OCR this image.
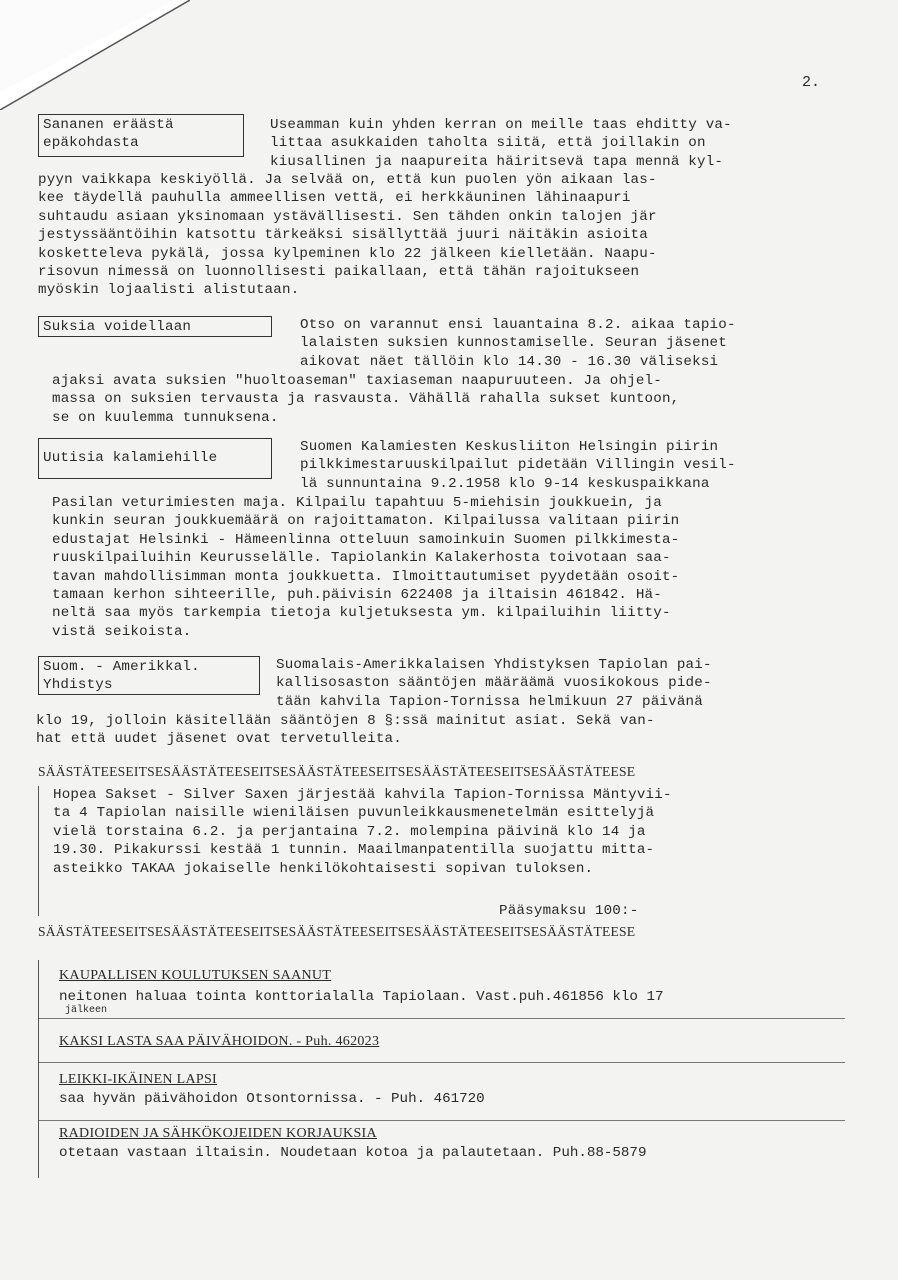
2.
Sananen eräästä
epäkohdasta
Useamman kuin yhden kerran on meille taas ehditty va-
littaa asukkaiden taholta siitä, että joillakin on
kiusallinen ja naapureita häiritsevä tapa mennä kyl-
pyyn vaikkapa keskiyöllä. Ja selvää on, että kun puolen yön aikaan las-
kee täydellä pauhulla ammeellisen vettä, ei herkkäuninen lähinaapuri
suhtaudu asiaan yksinomaan ystävällisesti. Sen tähden onkin talojen jär
jestyssääntöihin katsottu tärkeäksi sisällyttää juuri näitäkin asioita
kosketteleva pykälä, jossa kylpeminen klo 22 jälkeen kielletään. Naapu-
risovun nimessä on luonnollisesti paikallaan, että tähän rajoitukseen
myöskin lojaalisti alistutaan.
Suksia voidellaan	Otso on varannut ensi lauantaina 8.2. aikaa tapio-
lalaisten suksien kunnostamiselle. Seuran jäsenet
aikovat näet tällöin klo 14.30 - 16.30 väliseksi
ajaksi avata suksien "huoltoaseman" taxiaseman naapuruuteen. Ja ohjel-
massa on suksien tervausta ja rasvausta. Vähällä rahalla sukset kuntoon,
se on kuulemma tunnuksena.
Uutisia kalamiehille
Suomen Kalamiesten Keskusliiton Helsingin piirin
pilkkimestaruuskilpailut pidetään Villingin vesil-
lä sunnuntaina 9.2.1958 klo 9-14 keskuspaikkana
Pasilan veturimiesten maja. Kilpailu tapahtuu 5-miehisin joukkuein, ja
kunkin seuran joukkuemäärä on rajoittamaton. Kilpailussa valitaan piirin
edustajat Helsinki - Hämeenlinna otteluun samoinkuin Suomen pilkkimesta-
ruuskilpailuihin Keurusselälle. Tapiolankin Kalakerhosta toivotaan saa-
tavan mahdollisimman monta joukkuetta. Ilmoittautumiset pyydetään osoit-
tamaan kerhon sihteerille, puh.päivisin 622408 ja iltaisin 461842. Hä-
neltä saa myös tarkempia tietoja kuljetuksesta ym. kilpailuihin liitty-
vistä seikoista.
Suom. - Amerikkal.
Yhdistys
Suomalais-Amerikkalaisen Yhdistyksen Tapiolan pai-
kallisosaston sääntöjen määräämä vuosikokous pide-
tään kahvila Tapion-Tornissa helmikuun 27 päivänä
klo 19, jolloin käsitellään sääntöjen 8 §:ssä mainitut asiat. Sekä van-
hat että uudet jäsenet ovat tervetulleita.
SÄÄSTÄTEESEITSESÄÄSTÄTEESEITSESÄÄSTÄTEESEITSESÄÄSTÄTEESEITSESÄÄSTÄTEESE
Hopea Sakset - Silver Saxen järjestää kahvila Tapion-Tornissa Mäntyvii-
ta 4 Tapiolan naisille wieniläisen puvunleikkausmenetelmän esittelyjä
vielä torstaina 6.2. ja perjantaina 7.2. molempina päivinä klo 14 ja
19.30. Pikakurssi kestää 1 tunnin. Maailmanpatentilla suojattu mitta-
asteikko TAKAA jokaiselle henkilökohtaisesti sopivan tuloksen.
Pääsymaksu 100:-
SÄÄSTÄTEESEITSESÄÄSTÄTEESEITSESÄÄSTÄTEESEITSESÄÄSTÄTEESEITSESÄÄSTÄTEESE
KAUPALLISEN KOULUTUKSEN SAANUT
neitonen haluaa tointa konttorialalla Tapiolaan. Vast.puh.461856 klo 17
jälkeen
KAKSI LASTA SAA PÄIVÄHOIDON. - Puh. 462023
LEIKKI-IKÄINEN LAPSI
saa hyvän päivähoidon Otsontornissa. - Puh. 461720
RADIOIDEN JA SÄHKÖKOJEIDEN KORJAUKSIA
otetaan vastaan iltaisin. Noudetaan kotoa ja palautetaan. Puh.88-5879
